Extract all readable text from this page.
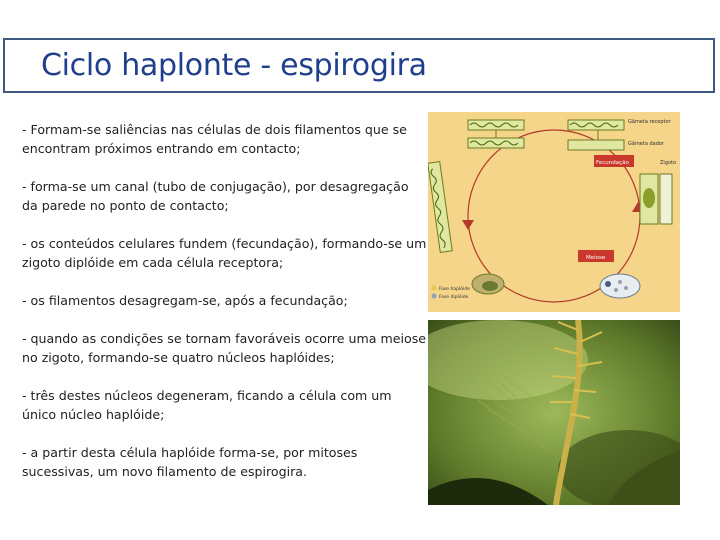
Ciclo haplonte - espirogira

- Formam-se saliências nas células de dois filamentos que se encontram próximos entrando em contacto;

- forma-se um canal (tubo de conjugação), por desagregação da parede no ponto de contacto;

- os conteúdos celulares fundem (fecundação), formando-se um zigoto diplóide em cada célula receptora;

- os filamentos desagregam-se, após a fecundação;

- quando as condições se tornam favoráveis ocorre uma meiose no zigoto, formando-se quatro núcleos haplóides;

- três destes núcleos degeneram, ficando a célula com um único núcleo haplóide;

- a partir desta célula haplóide forma-se, por mitoses sucessivas, um novo filamento de espirogira.

Gâmeta receptor
Gâmeta dador
Fecundação	Zigoto
Meiose
Fase haplóide
Fase diplóide
